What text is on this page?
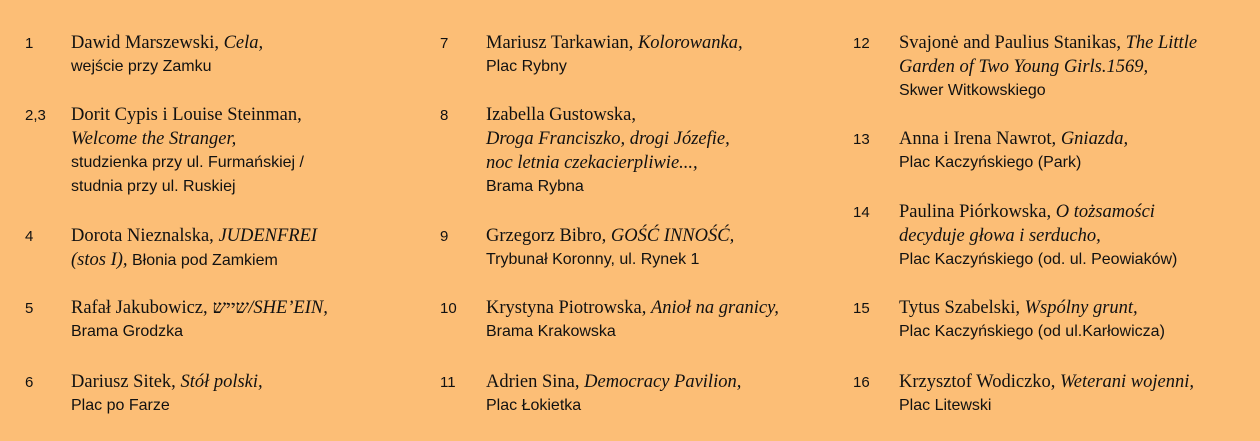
1 Dawid Marszewski, Cela,
wejście przy Zamku
2,3 Dorit Cypis i Louise Steinman,
Welcome the Stranger,
studzienka przy ul. Furmańskiej /
studnia przy ul. Ruskiej
4 Dorota Nieznalska, JUDENFREI
(stos I), Błonia pod Zamkiem
5 Rafał Jakubowicz, שייש/SHE’EIN,
Brama Grodzka
6 Dariusz Sitek, Stół polski,
Plac po Farze
7 Mariusz Tarkawian, Kolorowanka,
Plac Rybny
8 Izabella Gustowska,
Droga Franciszko, drogi Józefie,
noc letnia czekacierpliwie...,
Brama Rybna
9 Grzegorz Bibro, GOŚĆ INNOŚĆ,
Trybunał Koronny, ul. Rynek 1
10 Krystyna Piotrowska, Anioł na granicy,
Brama Krakowska
11 Adrien Sina, Democracy Pavilion,
Plac Łokietka
12 Svajonė and Paulius Stanikas, The Little
Garden of Two Young Girls.1569,
Skwer Witkowskiego
13 Anna i Irena Nawrot, Gniazda,
Plac Kaczyńskiego (Park)
14 Paulina Piórkowska, O tożsamości
decyduje głowa i serducho,
Plac Kaczyńskiego (od. ul. Peowiaków)
15 Tytus Szabelski, Wspólny grunt,
Plac Kaczyńskiego (od ul.Karłowicza)
16 Krzysztof Wodiczko, Weterani wojenni,
Plac Litewski
